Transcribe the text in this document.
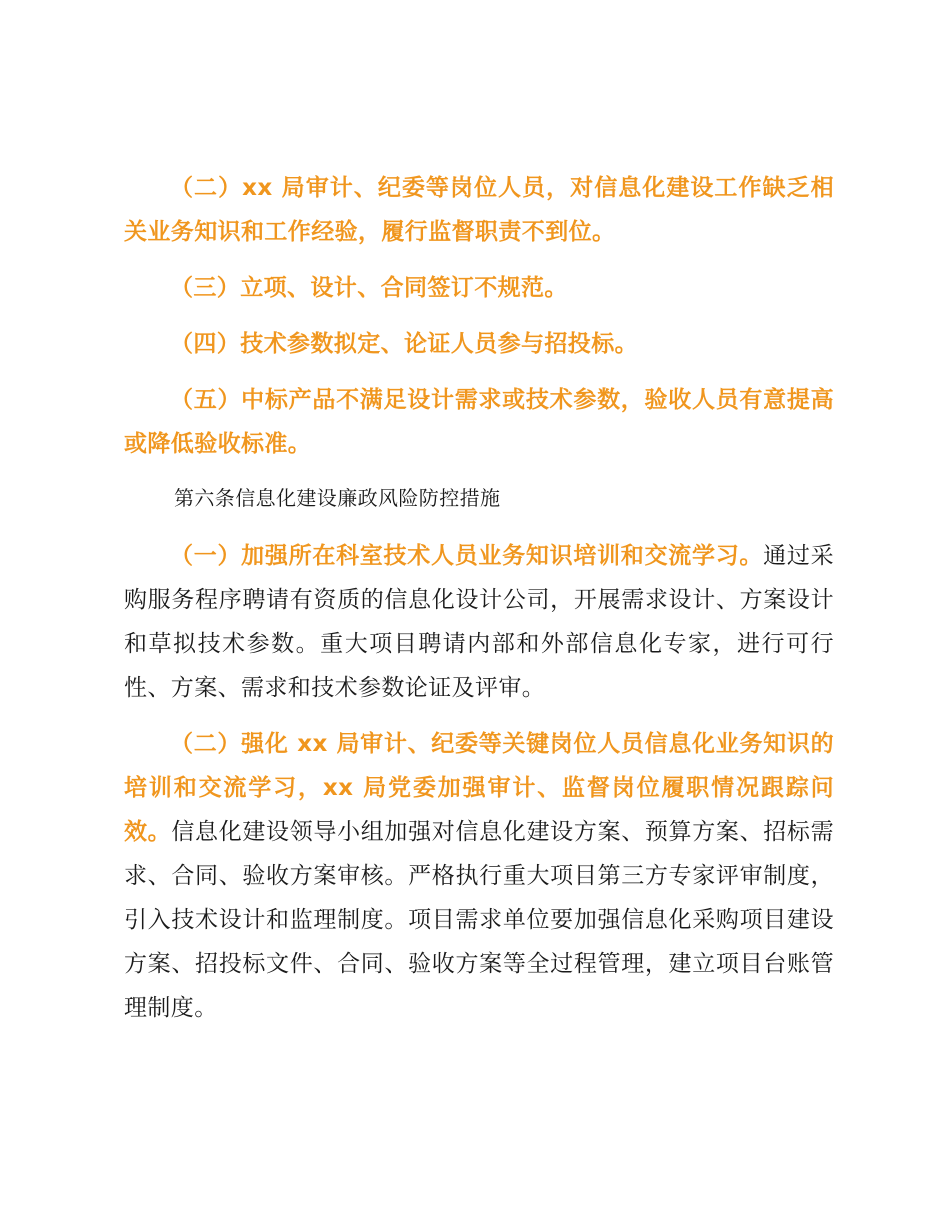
（二）xx 局审计、纪委等岗位人员，对信息化建设工作缺乏相关业务知识和工作经验，履行监督职责不到位。

（三）立项、设计、合同签订不规范。

（四）技术参数拟定、论证人员参与招投标。

（五）中标产品不满足设计需求或技术参数，验收人员有意提高或降低验收标准。

第六条信息化建设廉政风险防控措施

（一）加强所在科室技术人员业务知识培训和交流学习。通过采购服务程序聘请有资质的信息化设计公司，开展需求设计、方案设计和草拟技术参数。重大项目聘请内部和外部信息化专家，进行可行性、方案、需求和技术参数论证及评审。

（二）强化 xx 局审计、纪委等关键岗位人员信息化业务知识的培训和交流学习，xx 局党委加强审计、监督岗位履职情况跟踪问效。信息化建设领导小组加强对信息化建设方案、预算方案、招标需求、合同、验收方案审核。严格执行重大项目第三方专家评审制度，引入技术设计和监理制度。项目需求单位要加强信息化采购项目建设方案、招投标文件、合同、验收方案等全过程管理，建立项目台账管理制度。
